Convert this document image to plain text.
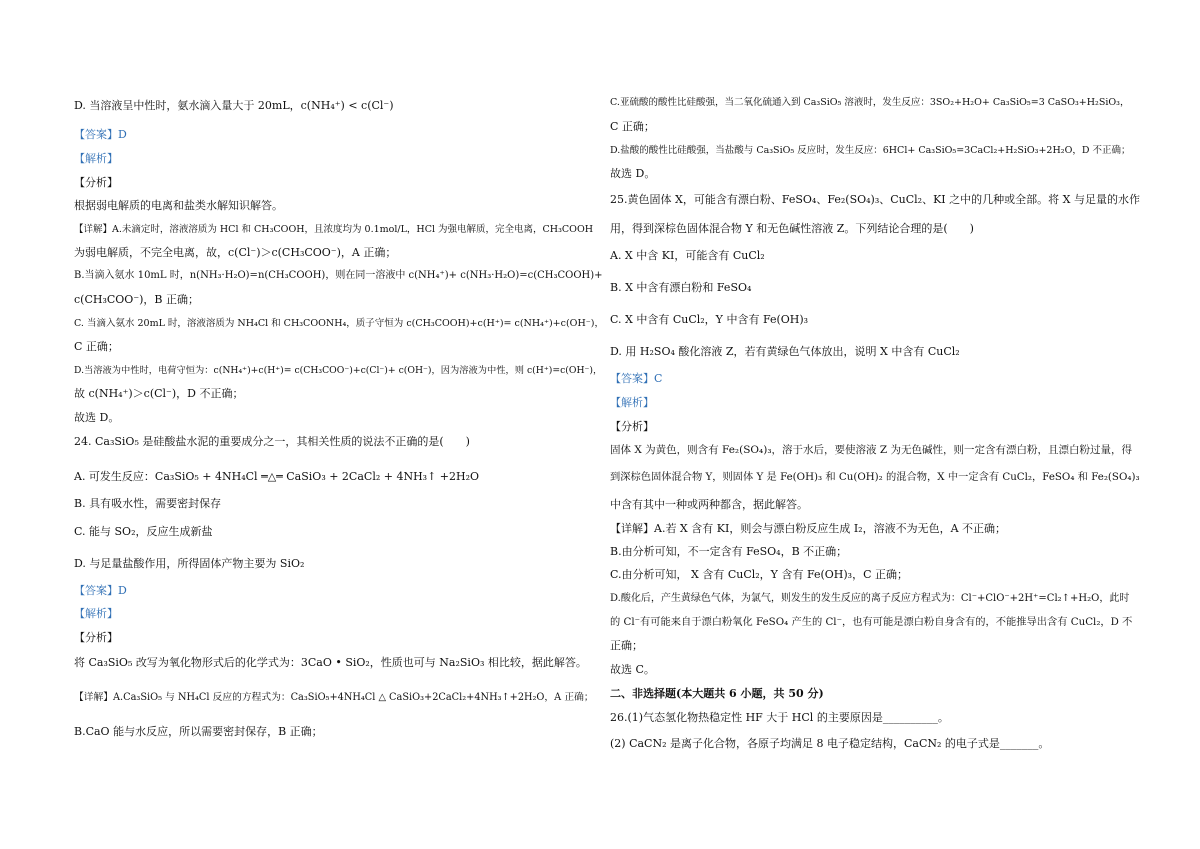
D. 当溶液呈中性时，氨水滴入量大于 20mL，c(NH₄⁺) < c(Cl⁻)
【答案】D
【解析】
【分析】
根据弱电解质的电离和盐类水解知识解答。
【详解】A.未滴定时，溶液溶质为 HCl 和 CH₃COOH，且浓度均为 0.1mol/L，HCl 为强电解质，完全电离，CH₃COOH
为弱电解质，不完全电离，故，c(Cl⁻)＞c(CH₃COO⁻)，A 正确；
B.当滴入氨水 10mL 时，n(NH₃·H₂O)=n(CH₃COOH)，则在同一溶液中 c(NH₄⁺)+ c(NH₃·H₂O)=c(CH₃COOH)+
c(CH₃COO⁻)，B 正确；
C. 当滴入氨水 20mL 时，溶液溶质为 NH₄Cl 和 CH₃COONH₄，质子守恒为 c(CH₃COOH)+c(H⁺)= c(NH₄⁺)+c(OH⁻)，
C 正确；
D.当溶液为中性时，电荷守恒为：c(NH₄⁺)+c(H⁺)= c(CH₃COO⁻)+c(Cl⁻)+ c(OH⁻)，因为溶液为中性，则 c(H⁺)=c(OH⁻)，
故 c(NH₄⁺)＞c(Cl⁻)，D 不正确；
故选 D。
24. Ca₃SiO₅ 是硅酸盐水泥的重要成分之一，其相关性质的说法不正确的是(　　)
A. 可发生反应：Ca₃SiO₅ + 4NH₄Cl ═△═ CaSiO₃ + 2CaCl₂ + 4NH₃↑ +2H₂O
B. 具有吸水性，需要密封保存
C. 能与 SO₂，反应生成新盐
D. 与足量盐酸作用，所得固体产物主要为 SiO₂
【答案】D
【解析】
【分析】
将 Ca₃SiO₅ 改写为氧化物形式后的化学式为：3CaO • SiO₂，性质也可与 Na₂SiO₃ 相比较，据此解答。
【详解】A.Ca₃SiO₅ 与 NH₄Cl 反应的方程式为：Ca₃SiO₅+4NH₄Cl △ CaSiO₃+2CaCl₂+4NH₃↑+2H₂O，A 正确；
B.CaO 能与水反应，所以需要密封保存，B 正确；
C.亚硫酸的酸性比硅酸强，当二氧化硫通入到 Ca₃SiO₅ 溶液时，发生反应：3SO₂+H₂O+ Ca₃SiO₅=3 CaSO₃+H₂SiO₃，
C 正确；
D.盐酸的酸性比硅酸强，当盐酸与 Ca₃SiO₅ 反应时，发生反应：6HCl+ Ca₃SiO₅=3CaCl₂+H₂SiO₃+2H₂O，D 不正确；
故选 D。
25.黄色固体 X，可能含有漂白粉、FeSO₄、Fe₂(SO₄)₃、CuCl₂、KI 之中的几种或全部。将 X 与足量的水作
用，得到深棕色固体混合物 Y 和无色碱性溶液 Z。下列结论合理的是(　　)
A. X 中含 KI，可能含有 CuCl₂
B. X 中含有漂白粉和 FeSO₄
C. X 中含有 CuCl₂，Y 中含有 Fe(OH)₃
D. 用 H₂SO₄ 酸化溶液 Z，若有黄绿色气体放出，说明 X 中含有 CuCl₂
【答案】C
【解析】
【分析】
固体 X 为黄色，则含有 Fe₂(SO₄)₃，溶于水后，要使溶液 Z 为无色碱性，则一定含有漂白粉，且漂白粉过量，得
到深棕色固体混合物 Y，则固体 Y 是 Fe(OH)₃ 和 Cu(OH)₂ 的混合物，X 中一定含有 CuCl₂，FeSO₄ 和 Fe₂(SO₄)₃
中含有其中一种或两种都含，据此解答。
【详解】A.若 X 含有 KI，则会与漂白粉反应生成 I₂，溶液不为无色，A 不正确；
B.由分析可知，不一定含有 FeSO₄，B 不正确；
C.由分析可知， X 含有 CuCl₂，Y 含有 Fe(OH)₃，C 正确；
D.酸化后，产生黄绿色气体，为氯气，则发生的发生反应的离子反应方程式为：Cl⁻+ClO⁻+2H⁺=Cl₂↑+H₂O，此时
的 Cl⁻有可能来自于漂白粉氧化 FeSO₄ 产生的 Cl⁻，也有可能是漂白粉自身含有的，不能推导出含有 CuCl₂，D 不
正确；
故选 C。
二、非选择题(本大题共 6 小题，共 50 分)
26.(1)气态氢化物热稳定性 HF 大于 HCl 的主要原因是__________。
(2) CaCN₂ 是离子化合物，各原子均满足 8 电子稳定结构，CaCN₂ 的电子式是_______。
